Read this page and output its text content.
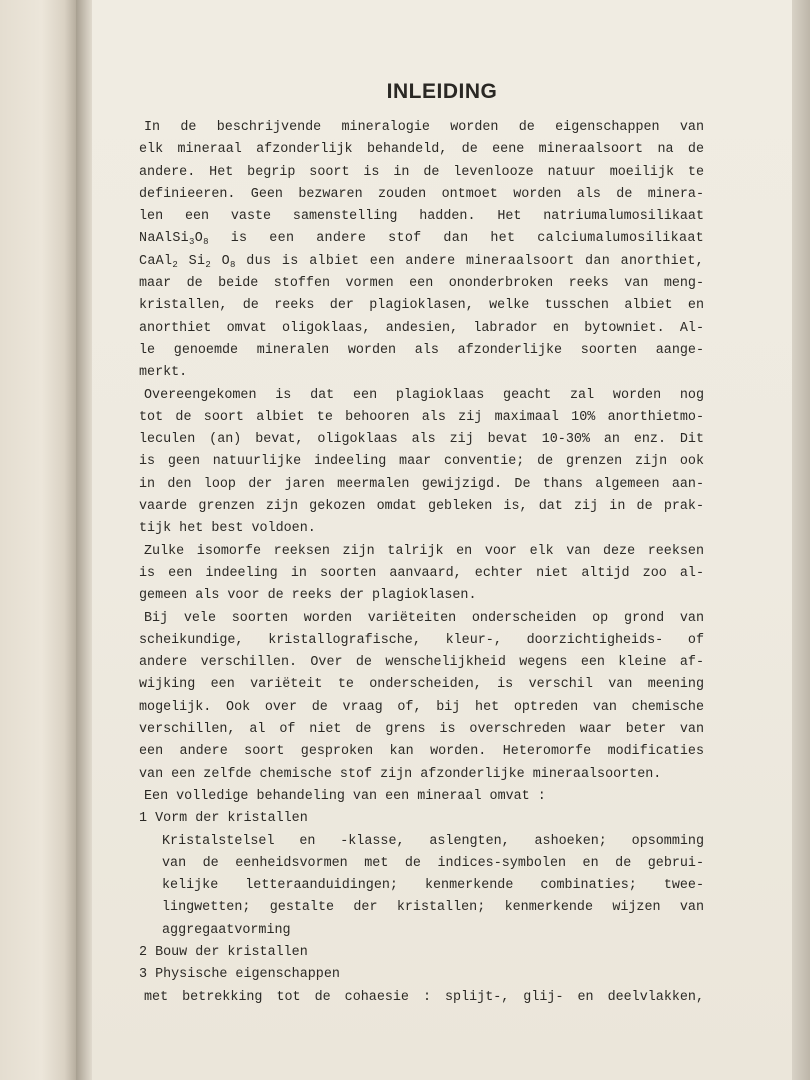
INLEIDING
In de beschrijvende mineralogie worden de eigenschappen van
elk mineraal afzonderlijk behandeld, de eene mineraalsoort na de
andere. Het begrip soort is in de levenlooze natuur moeilijk te
definieeren. Geen bezwaren zouden ontmoet worden als de minera-
len een vaste samenstelling hadden. Het natriumalumosilikaat
$NaAlSi_3O_8$ is een andere stof dan het calciumalumosilikaat
CaAl$_2$ $Si_2$ $O_8$ dus is albiet een andere mineraalsoort dan anorthiet,
maar de beide stoffen vormen een ononderbroken reeks van meng-
kristallen, de reeks der plagioklasen, welke tusschen albiet en
anorthiet omvat oligoklaas, andesien, labrador en bytowniet. Al-
le genoemde mineralen worden als afzonderlijke soorten aange-
merkt.
Overeengekomen is dat een plagioklaas geacht zal worden nog
tot de soort albiet te behooren als zij maximaal 10% anorthietmo-
leculen (an) bevat, oligoklaas als zij bevat 10-30% an enz. Dit
is geen natuurlijke indeeling maar conventie; de grenzen zijn ook
in den loop der jaren meermalen gewijzigd. De thans algemeen aan-
vaarde grenzen zijn gekozen omdat gebleken is, dat zij in de prak-
tijk het best voldoen.
Zulke isomorfe reeksen zijn talrijk en voor elk van deze reeksen
is een indeeling in soorten aanvaard, echter niet altijd zoo al-
gemeen als voor de reeks der plagioklasen.
Bij vele soorten worden variëteiten onderscheiden op grond van
scheikundige, kristallografische, kleur-, doorzichtigheids- of
andere verschillen. Over de wenschelijkheid wegens een kleine af-
wijking een variëteit te onderscheiden, is verschil van meening
mogelijk. Ook over de vraag of, bij het optreden van chemische
verschillen, al of niet de grens is overschreden waar beter van
een andere soort gesproken kan worden. Heteromorfe modificaties
van een zelfde chemische stof zijn afzonderlijke mineraalsoorten.
Een volledige behandeling van een mineraal omvat :
1 Vorm der kristallen
Kristalstelsel en -klasse, aslengten, ashoeken; opsomming
van de eenheidsvormen met de indices-symbolen en de gebrui-
kelijke letteraanduidingen; kenmerkende combinaties; twee-
lingwetten; gestalte der kristallen; kenmerkende wijzen van
aggregaatvorming
2 Bouw der kristallen
3 Physische eigenschappen
met betrekking tot de cohaesie : splijt-, glij- en deelvlakken,
